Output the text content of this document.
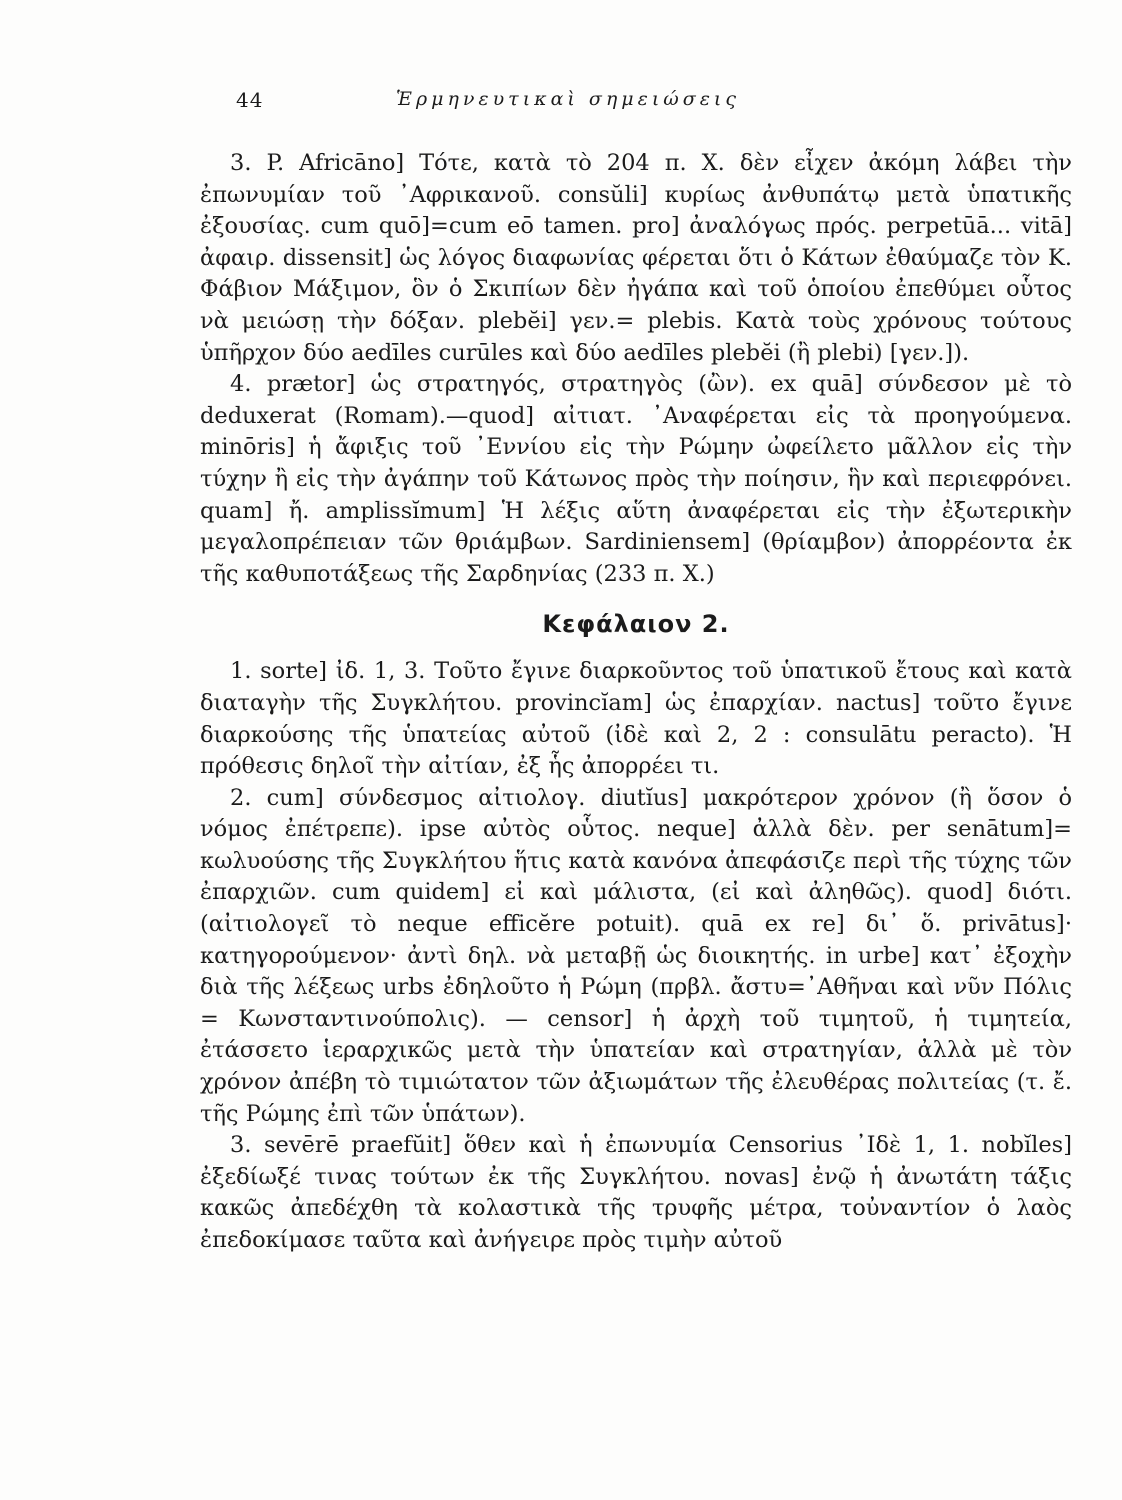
44	Ἑρμηνευτικαὶ σημειώσεις

3. P. Africānο] Τότε, κατὰ τὸ 204 π. Χ. δὲν εἶχεν ἀκόμη λάβει τὴν ἐπωνυμίαν τοῦ ᾿Αφρικανοῦ. consŭli] κυρίως ἀνθυπάτῳ μετὰ ὑπατικῆς ἐξουσίας. cum quō]=cum eō tamen. pro] ἀναλόγως πρός. perpetūā... vitā] ἀφαιρ. dissensit] ὡς λόγος διαφωνίας φέρεται ὅτι ὁ Κάτων ἐθαύμαζε τὸν Κ. Φάβιον Μάξιμον, ὃν ὁ Σκιπίων δὲν ἠγάπα καὶ τοῦ ὁποίου ἐπεθύμει οὗτος νὰ μειώσῃ τὴν δόξαν. plebĕi] γεν.= plebis. Κατὰ τοὺς χρόνους τούτους ὑπῆρχον δύο aedīles curūles καὶ δύο aedīles plebĕi (ἢ plebi) [γεν.]).

4. prætor] ὡς στρατηγός, στρατηγὸς (ὢν). ex quā] σύνδεσον μὲ τὸ deduxerat (Romam).—quod] αἰτιατ. ᾿Αναφέρεται εἰς τὰ προηγούμενα. minōris] ἡ ἄφιξις τοῦ ᾿Εννίου εἰς τὴν Ρώμην ὠφείλετο μᾶλλον εἰς τὴν τύχην ἢ εἰς τὴν ἀγάπην τοῦ Κάτωνος πρὸς τὴν ποίησιν, ἣν καὶ περιεφρόνει. quam] ἤ. amplissĭmum] Ἡ λέξις αὕτη ἀναφέρεται εἰς τὴν ἐξωτερικὴν μεγαλοπρέπειαν τῶν θριάμβων. Sardiniensem] (θρίαμβον) ἀπορρέοντα ἐκ τῆς καθυποτάξεως τῆς Σαρδηνίας (233 π. Χ.)

Κεφάλαιον 2.

1. sorte] ἰδ. 1, 3. Τοῦτο ἔγινε διαρκοῦντος τοῦ ὑπατικοῦ ἔτους καὶ κατὰ διαταγὴν τῆς Συγκλήτου. provincĭam] ὡς ἐπαρχίαν. nactus] τοῦτο ἔγινε διαρκούσης τῆς ὑπατείας αὐτοῦ (ἰδὲ καὶ 2, 2 : consulātu peracto). Ἡ πρόθεσις δηλοῖ τὴν αἰτίαν, ἐξ ἧς ἀπορρέει τι.

2. cum] σύνδεσμος αἰτιολογ. diutĭus] μακρότερον χρόνον (ἢ ὅσον ὁ νόμος ἐπέτρεπε). ipse αὐτὸς οὗτος. neque] ἀλλὰ δὲν. per senātum]= κωλυούσης τῆς Συγκλήτου ἥτις κατὰ κανόνα ἀπεφάσιζε περὶ τῆς τύχης τῶν ἐπαρχιῶν. cum quidem] εἰ καὶ μάλιστα, (εἰ καὶ ἀληθῶς). quod] διότι. (αἰτιολογεῖ τὸ neque efficĕre potuit). quā ex re] δι᾿ ὅ. privātus]· κατηγορούμενον· ἀντὶ δηλ. νὰ μεταβῇ ὡς διοικητής. in urbe] κατ᾿ ἐξοχὴν διὰ τῆς λέξεως urbs ἐδηλοῦτο ἡ Ρώμη (πρβλ. ἄστυ=᾿Αθῆναι καὶ νῦν Πόλις = Κωνσταντινούπολις). — censor] ἡ ἀρχὴ τοῦ τιμητοῦ, ἡ τιμητεία, ἐτάσσετο ἱεραρχικῶς μετὰ τὴν ὑπατείαν καὶ στρατηγίαν, ἀλλὰ μὲ τὸν χρόνον ἀπέβη τὸ τιμιώτατον τῶν ἀξιωμάτων τῆς ἐλευθέρας πολιτείας (τ. ἔ. τῆς Ρώμης ἐπὶ τῶν ὑπάτων).

3. sevērē praefŭit] ὅθεν καὶ ἡ ἐπωνυμία Censorius ᾿Ιδὲ 1, 1. nobĭles] ἐξεδίωξέ τινας τούτων ἐκ τῆς Συγκλήτου. novas] ἐνῷ ἡ ἀνωτάτη τάξις κακῶς ἀπεδέχθη τὰ κολαστικὰ τῆς τρυφῆς μέτρα, τοὐναντίον ὁ λαὸς ἐπεδοκίμασε ταῦτα καὶ ἀνήγειρε πρὸς τιμὴν αὐτοῦ
